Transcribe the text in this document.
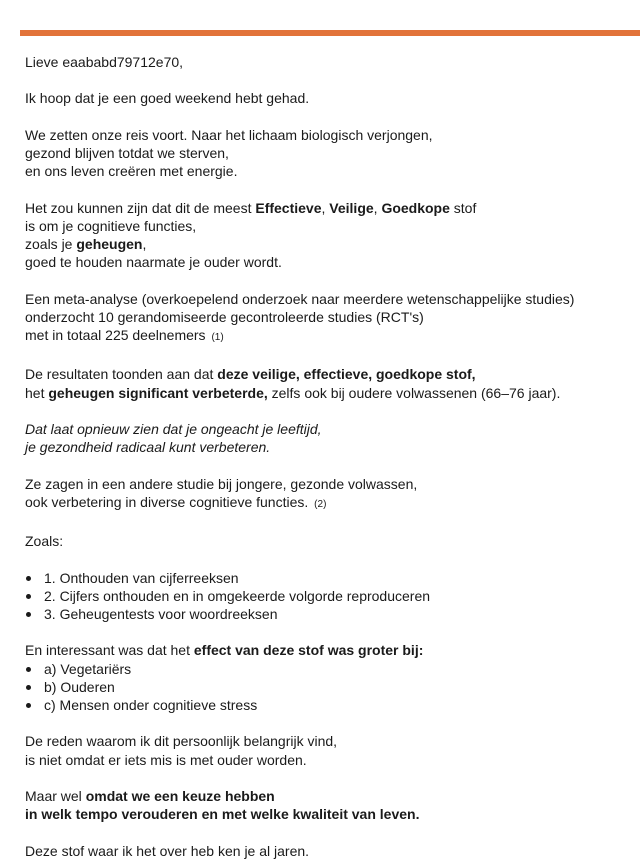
Lieve eaababd79712e70,

Ik hoop dat je een goed weekend hebt gehad.

We zetten onze reis voort. Naar het lichaam biologisch verjongen,
gezond blijven totdat we sterven,
en ons leven creëren met energie.

Het zou kunnen zijn dat dit de meest Effectieve, Veilige, Goedkope stof
is om je cognitieve functies,
zoals je geheugen,
goed te houden naarmate je ouder wordt.

Een meta-analyse (overkoepelend onderzoek naar meerdere wetenschappelijke studies)
onderzocht 10 gerandomiseerde gecontroleerde studies (RCT's)
met in totaal 225 deelnemers (1)

De resultaten toonden aan dat deze veilige, effectieve, goedkope stof,
het geheugen significant verbeterde, zelfs ook bij oudere volwassenen (66–76 jaar).

Dat laat opnieuw zien dat je ongeacht je leeftijd,
je gezondheid radicaal kunt verbeteren.

Ze zagen in een andere studie bij jongere, gezonde volwassen,
ook verbetering in diverse cognitieve functies. (2)

Zoals:

1. Onthouden van cijferreeksen
2. Cijfers onthouden en in omgekeerde volgorde reproduceren
3. Geheugentests voor woordreeksen

En interessant was dat het effect van deze stof was groter bij:

a) Vegetariërs
b) Ouderen
c) Mensen onder cognitieve stress

De reden waarom ik dit persoonlijk belangrijk vind,
is niet omdat er iets mis is met ouder worden.

Maar wel omdat we een keuze hebben
in welk tempo verouderen en met welke kwaliteit van leven.

Deze stof waar ik het over heb ken je al jaren.
